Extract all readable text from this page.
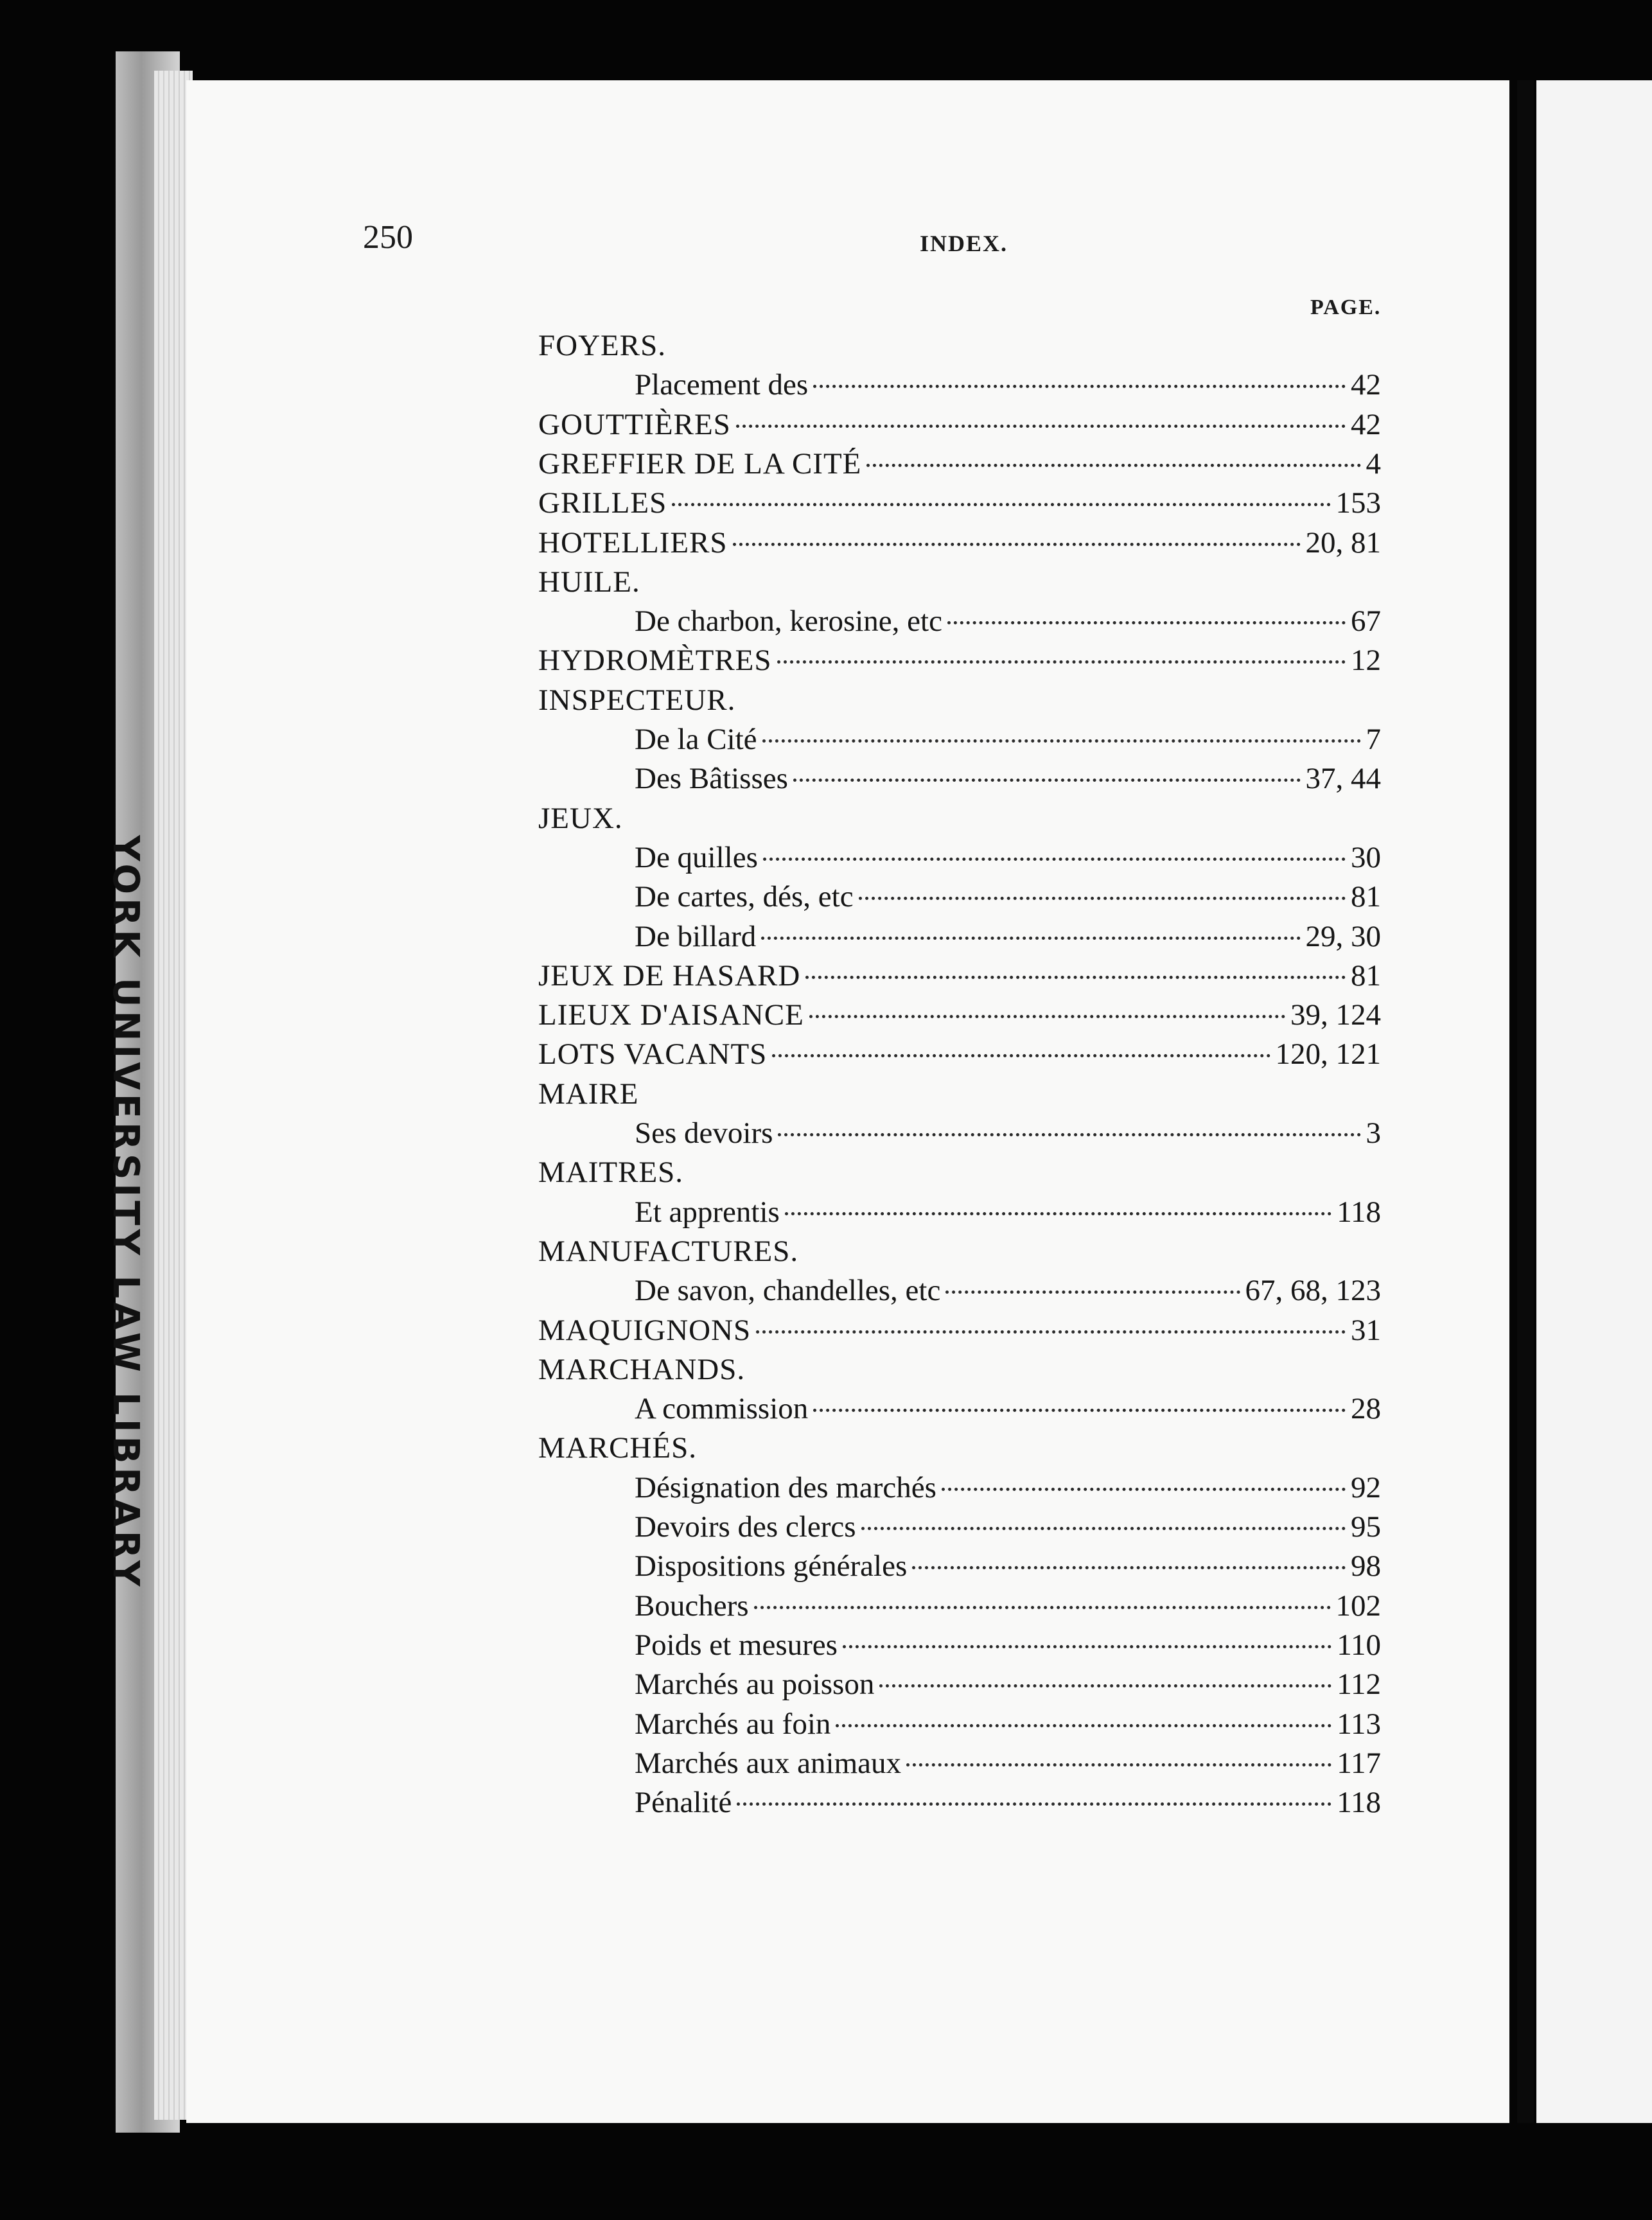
YORK UNIVERSITY LAW LIBRARY
250	INDEX.
PAGE.
FOYERS.
Placement des	42
GOUTTIÈRES	42
GREFFIER DE LA CITÉ	4
GRILLES	153
HOTELLIERS	20, 81
HUILE.
De charbon, kerosine, etc	67
HYDROMÈTRES	12
INSPECTEUR.
De la Cité	7
Des Bâtisses	37, 44
JEUX.
De quilles	30
De cartes, dés, etc	81
De billard	29, 30
JEUX DE HASARD	81
LIEUX D'AISANCE	39, 124
LOTS VACANTS	120, 121
MAIRE
Ses devoirs	3
MAITRES.
Et apprentis	118
MANUFACTURES.
De savon, chandelles, etc	67, 68, 123
MAQUIGNONS	31
MARCHANDS.
A commission	28
MARCHÉS.
Désignation des marchés	92
Devoirs des clercs	95
Dispositions générales	98
Bouchers	102
Poids et mesures	110
Marchés au poisson	112
Marchés au foin	113
Marchés aux animaux	117
Pénalité	118
